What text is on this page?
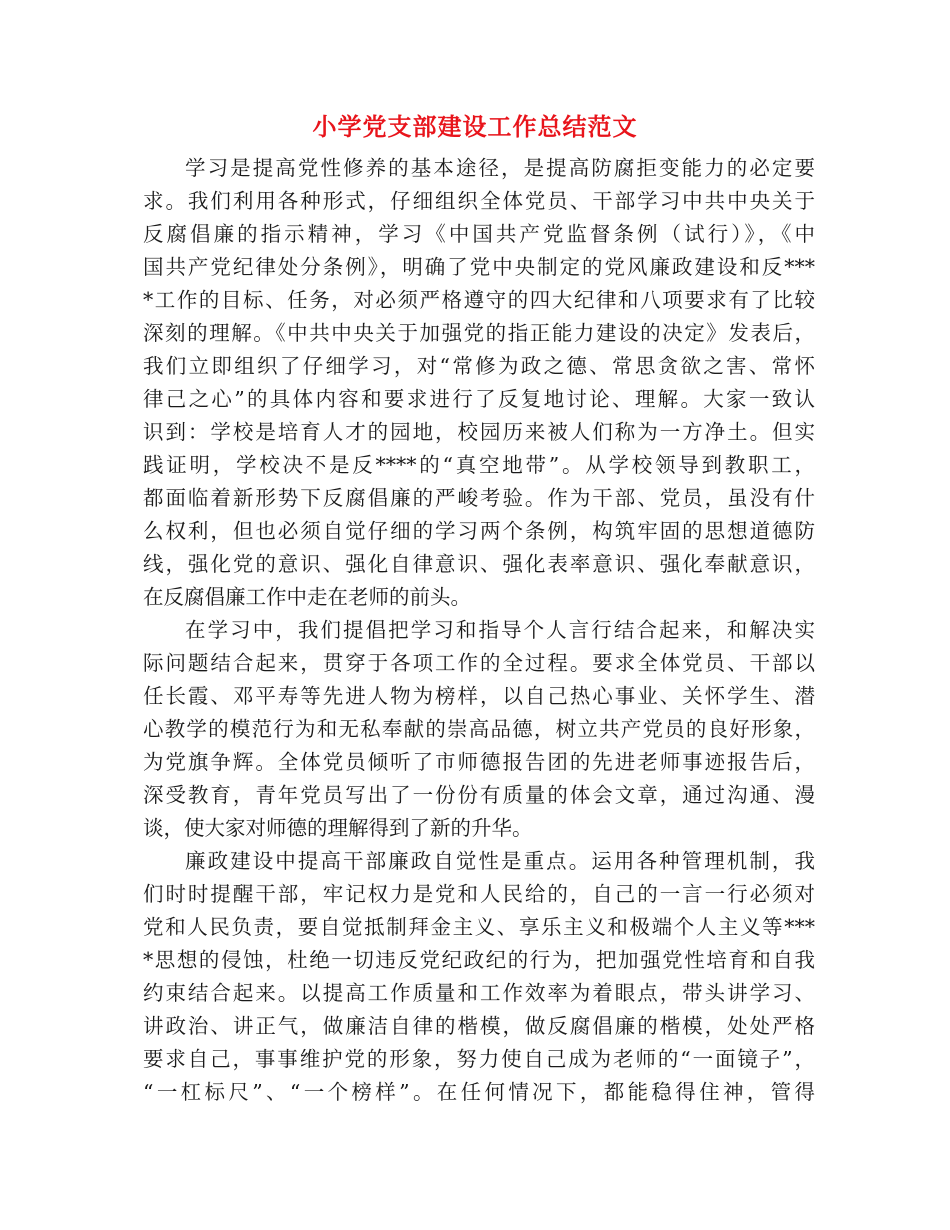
小学党支部建设工作总结范文
学习是提高党性修养的基本途径，是提高防腐拒变能力的必定要
求。我们利用各种形式，仔细组织全体党员、干部学习中共中央关于
反腐倡廉的指示精神，学习《中国共产党监督条例（试行）》，《中
国共产党纪律处分条例》，明确了党中央制定的党风廉政建设和反***
*工作的目标、任务，对必须严格遵守的四大纪律和八项要求有了比较
深刻的理解。《中共中央关于加强党的指正能力建设的决定》发表后，
我们立即组织了仔细学习，对“常修为政之德、常思贪欲之害、常怀
律己之心”的具体内容和要求进行了反复地讨论、理解。大家一致认
识到：学校是培育人才的园地，校园历来被人们称为一方净土。但实
践证明，学校决不是反****的“真空地带”。从学校领导到教职工，
都面临着新形势下反腐倡廉的严峻考验。作为干部、党员，虽没有什
么权利，但也必须自觉仔细的学习两个条例，构筑牢固的思想道德防
线，强化党的意识、强化自律意识、强化表率意识、强化奉献意识，
在反腐倡廉工作中走在老师的前头。
在学习中，我们提倡把学习和指导个人言行结合起来，和解决实
际问题结合起来，贯穿于各项工作的全过程。要求全体党员、干部以
任长霞、邓平寿等先进人物为榜样，以自己热心事业、关怀学生、潜
心教学的模范行为和无私奉献的崇高品德，树立共产党员的良好形象，
为党旗争辉。全体党员倾听了市师德报告团的先进老师事迹报告后，
深受教育，青年党员写出了一份份有质量的体会文章，通过沟通、漫
谈，使大家对师德的理解得到了新的升华。
廉政建设中提高干部廉政自觉性是重点。运用各种管理机制，我
们时时提醒干部，牢记权力是党和人民给的，自己的一言一行必须对
党和人民负责，要自觉抵制拜金主义、享乐主义和极端个人主义等***
*思想的侵蚀，杜绝一切违反党纪政纪的行为，把加强党性培育和自我
约束结合起来。以提高工作质量和工作效率为着眼点，带头讲学习、
讲政治、讲正气，做廉洁自律的楷模，做反腐倡廉的楷模，处处严格
要求自己，事事维护党的形象，努力使自己成为老师的“一面镜子”，
“一杠标尺”、“一个榜样”。在任何情况下，都能稳得住神，管得
